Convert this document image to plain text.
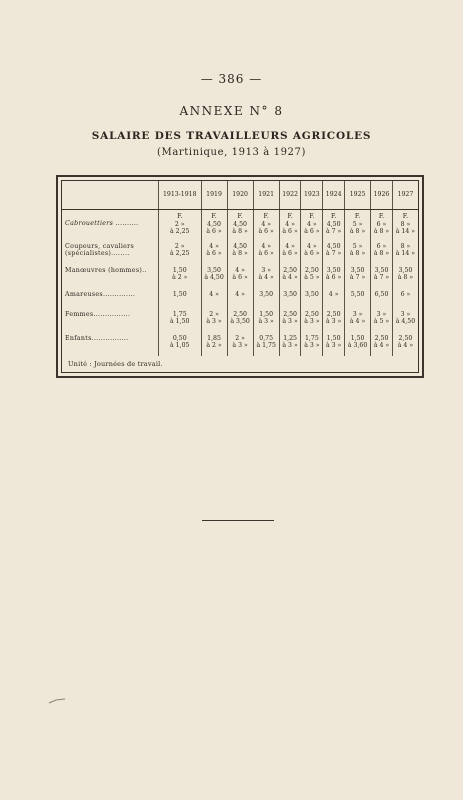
— 386 —
ANNEXE N° 8
SALAIRE DES TRAVAILLEURS AGRICOLES
(Martinique, 1913 à 1927)
	1913-1918	1919	1920	1921	1922	1923	1924	1925	1926	1927

Cabrouettiers ..........	F.
2 »
à 2,25	F.
4,50
à 6 »	F.
4,50
à 8 »	F.
4 »
à 6 »	F.
4 »
à 6 »	F.
4 »
à 6 »	F.
4,50
à 7 »	F.
5 »
à 8 »	F.
6 »
à 8 »	F.
8 »
à 14 »

Coupeurs, cavaliers
(spécialistes)........	2 »
à 2,25	4 »
à 6 »	4,50
à 8 »	4 »
à 6 »	4 »
à 6 »	4 »
à 6 »	4,50
à 7 »	5 »
à 8 »	6 »
à 8 »	8 »
à 14 »

Manœuvres (hommes)..	1,50
à 2 »	3,50
à 4,50	4 »
à 6 »	3 »
à 4 »	2,50
à 4 »	2,50
à 5 »	3,50
à 6 »	3,50
à 7 »	3,50
à 7 »	3,50
à 8 »

Amareuses..............	1,50	4 »	4 »	3,50	3,50	3,50	4 »	5,50	6,50	6 »

Femmes................	1,75
à 1,50	2 »
à 3 »	2,50
à 3,50	1,50
à 3 »	2,50
à 3 »	2,50
à 3 »	2,50
à 3 »	3 »
à 4 »	3 »
à 5 »	3 »
à 4,50

Enfants................	0,50
à 1,05	1,85
à 2 »	2 »
à 3 »	0,75
à 1,75	1,25
à 3 »	1,75
à 3 »	1,50
à 3 »	1,50
à 3,60	2,50
à 4 »	2,50
à 4 »
Unité : Journées de travail.
